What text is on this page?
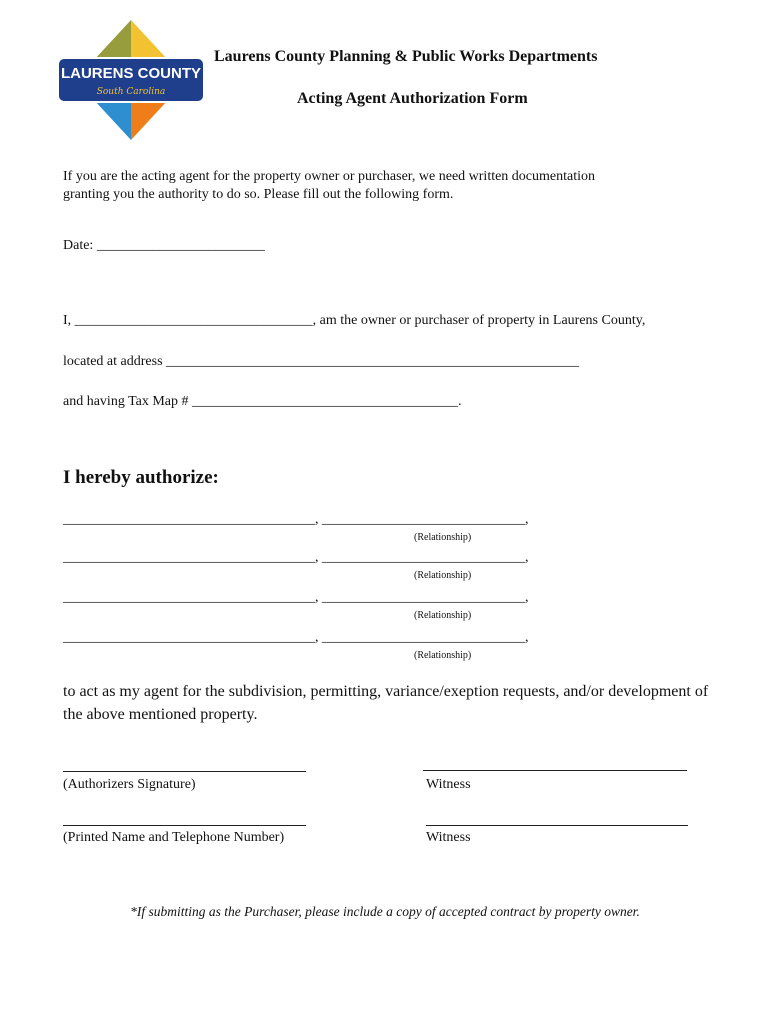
LAURENS COUNTY
South Carolina
Laurens County Planning & Public Works Departments
Acting Agent Authorization Form
If you are the acting agent for the property owner or purchaser, we need written documentation
granting you the authority to do so. Please fill out the following form.
Date: ________________________
I, __________________________________, am the owner or purchaser of property in Laurens County,
located at address ___________________________________________________________
and having Tax Map # ______________________________________.
I hereby authorize:
____________________________________, _____________________________,
(Relationship)
____________________________________, _____________________________,
(Relationship)
____________________________________, _____________________________,
(Relationship)
____________________________________, _____________________________,
(Relationship)
to act as my agent for the subdivision, permitting, variance/exeption requests, and/or development of the above mentioned property.
(Authorizers Signature)	Witness
(Printed Name and Telephone Number)	Witness
*If submitting as the Purchaser, please include a copy of accepted contract by property owner.
